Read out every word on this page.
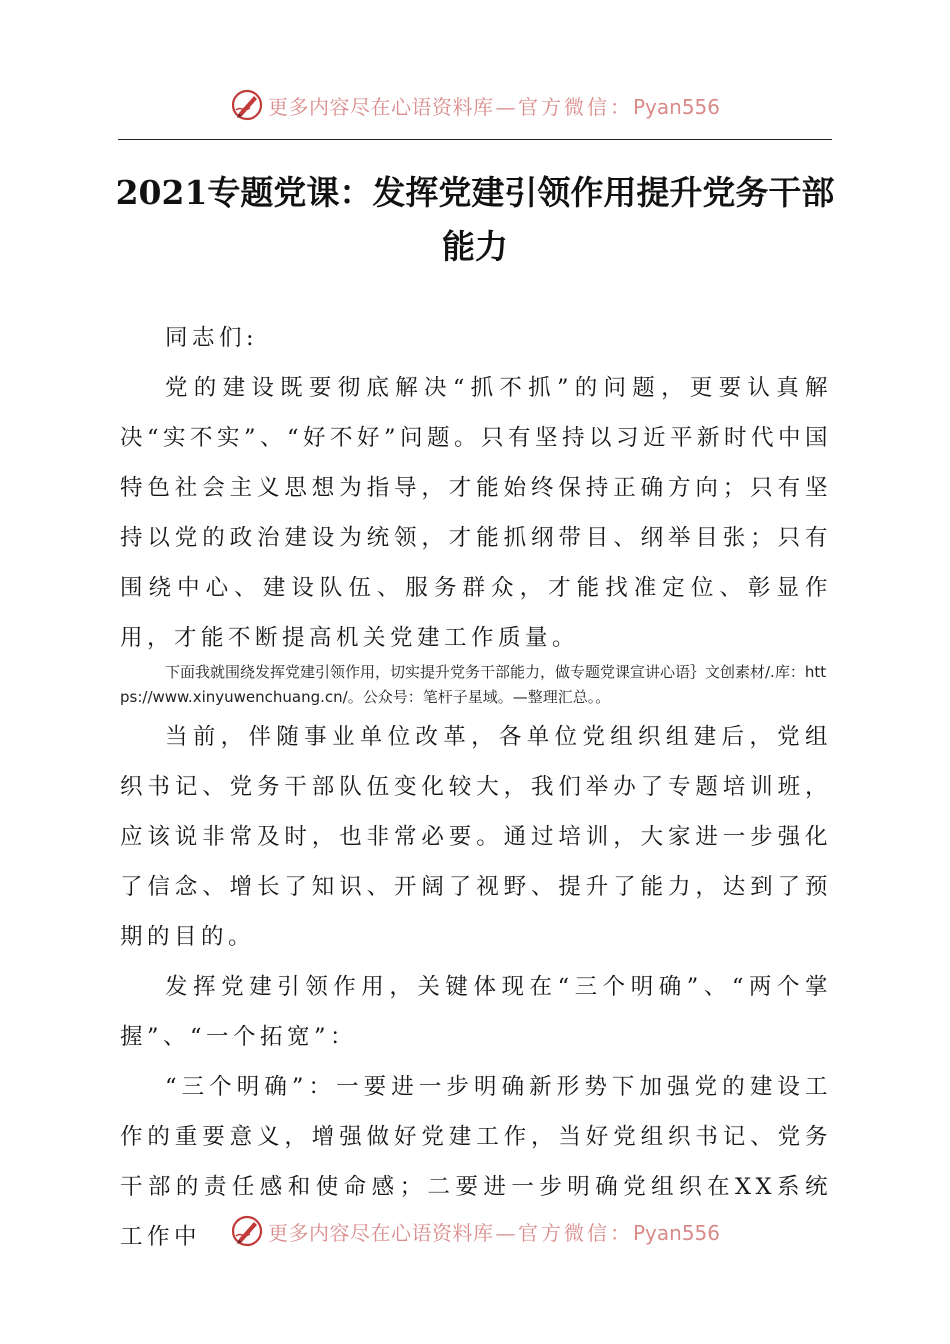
更多内容尽在心语资料库 — 官方微信：Pyan556
2021专题党课：发挥党建引领作用提升党务干部能力

同志们:

党的建设既要彻底解决“抓不抓”的问题，更要认真解决“实不实”、“好不好”问题。只有坚持以习近平新时代中国特色社会主义思想为指导，才能始终保持正确方向；只有坚持以党的政治建设为统领，才能抓纲带目、纲举目张；只有围绕中心、建设队伍、服务群众，才能找准定位、彰显作用，才能不断提高机关党建工作质量。

下面我就围绕发挥党建引领作用，切实提升党务干部能力，做专题党课宣讲心语｝文创素材/.库：https://www.xinyuwenchuang.cn/。公众号：笔杆子星域。—整理汇总。。

当前，伴随事业单位改革，各单位党组织组建后，党组织书记、党务干部队伍变化较大，我们举办了专题培训班，应该说非常及时，也非常必要。通过培训，大家进一步强化了信念、增长了知识、开阔了视野、提升了能力，达到了预期的目的。

发挥党建引领作用，关键体现在“三个明确”、“两个掌握”、“一个拓宽”：

“三个明确”：一要进一步明确新形势下加强党的建设工作的重要意义，增强做好党建工作，当好党组织书记、党务干部的责任感和使命感；二要进一步明确党组织在XX系统工作中	更多内容尽在心语资料库 — 官方微信：Pyan556
